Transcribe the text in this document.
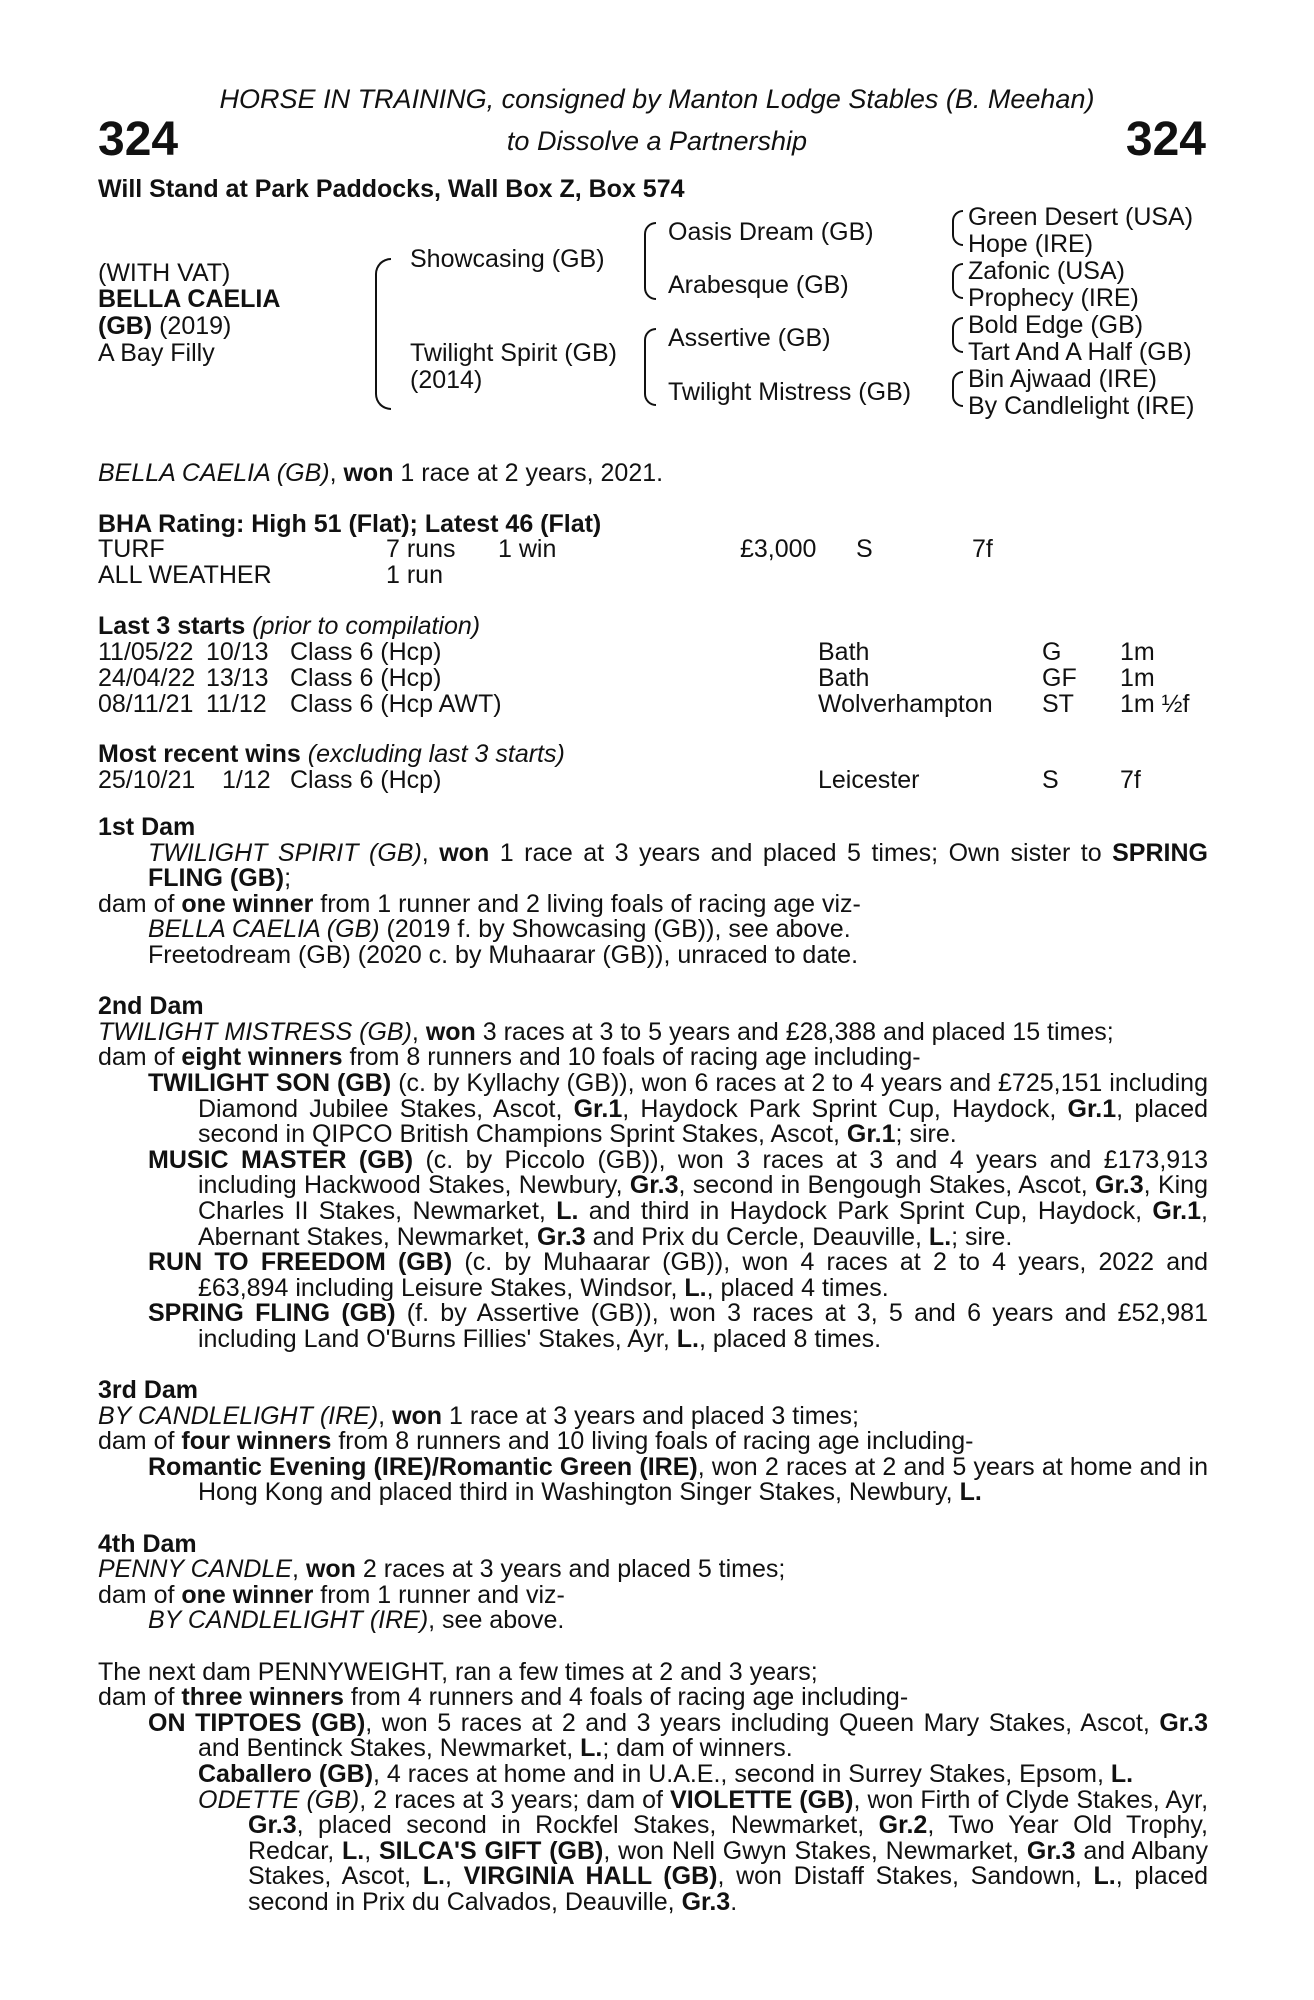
HORSE IN TRAINING, consigned by Manton Lodge Stables (B. Meehan)
to Dissolve a Partnership
324	324
Will Stand at Park Paddocks, Wall Box Z, Box 574
(WITH VAT)
BELLA CAELIA
(GB) (2019)
A Bay Filly
Showcasing (GB)
Twilight Spirit (GB)
(2014)
Oasis Dream (GB)
Arabesque (GB)
Assertive (GB)
Twilight Mistress (GB)
Green Desert (USA)
Hope (IRE)
Zafonic (USA)
Prophecy (IRE)
Bold Edge (GB)
Tart And A Half (GB)
Bin Ajwaad (IRE)
By Candlelight (IRE)
BELLA CAELIA (GB), won 1 race at 2 years, 2021.
BHA Rating: High 51 (Flat); Latest 46 (Flat)
TURF	7 runs 1 win	£3,000 S	7f
ALL WEATHER	1 run
Last 3 starts (prior to compilation)
11/05/22 10/13 Class 6 (Hcp)	Bath	G 1m
24/04/22 13/13 Class 6 (Hcp)	Bath	GF 1m
08/11/21 11/12 Class 6 (Hcp AWT)	Wolverhampton ST 1m ½f
Most recent wins (excluding last 3 starts)
25/10/21 1/12 Class 6 (Hcp)	Leicester	S 7f

1st Dam

TWILIGHT SPIRIT (GB), won 1 race at 3 years and placed 5 times; Own sister to SPRING FLING (GB);

dam of one winner from 1 runner and 2 living foals of racing age viz-

BELLA CAELIA (GB) (2019 f. by Showcasing (GB)), see above.

Freetodream (GB) (2020 c. by Muhaarar (GB)), unraced to date.

2nd Dam

TWILIGHT MISTRESS (GB), won 3 races at 3 to 5 years and £28,388 and placed 15 times;

dam of eight winners from 8 runners and 10 foals of racing age including-

TWILIGHT SON (GB) (c. by Kyllachy (GB)), won 6 races at 2 to 4 years and £725,151 including Diamond Jubilee Stakes, Ascot, Gr.1, Haydock Park Sprint Cup, Haydock, Gr.1, placed second in QIPCO British Champions Sprint Stakes, Ascot, Gr.1; sire.

MUSIC MASTER (GB) (c. by Piccolo (GB)), won 3 races at 3 and 4 years and £173,913 including Hackwood Stakes, Newbury, Gr.3, second in Bengough Stakes, Ascot, Gr.3, King Charles II Stakes, Newmarket, L. and third in Haydock Park Sprint Cup, Haydock, Gr.1, Abernant Stakes, Newmarket, Gr.3 and Prix du Cercle, Deauville, L.; sire.

RUN TO FREEDOM (GB) (c. by Muhaarar (GB)), won 4 races at 2 to 4 years, 2022 and £63,894 including Leisure Stakes, Windsor, L., placed 4 times.

SPRING FLING (GB) (f. by Assertive (GB)), won 3 races at 3, 5 and 6 years and £52,981 including Land O'Burns Fillies' Stakes, Ayr, L., placed 8 times.

3rd Dam

BY CANDLELIGHT (IRE), won 1 race at 3 years and placed 3 times;

dam of four winners from 8 runners and 10 living foals of racing age including-

Romantic Evening (IRE)/Romantic Green (IRE), won 2 races at 2 and 5 years at home and in Hong Kong and placed third in Washington Singer Stakes, Newbury, L.

4th Dam

PENNY CANDLE, won 2 races at 3 years and placed 5 times;

dam of one winner from 1 runner and viz-

BY CANDLELIGHT (IRE), see above.

The next dam PENNYWEIGHT, ran a few times at 2 and 3 years;

dam of three winners from 4 runners and 4 foals of racing age including-

ON TIPTOES (GB), won 5 races at 2 and 3 years including Queen Mary Stakes, Ascot, Gr.3 and Bentinck Stakes, Newmarket, L.; dam of winners.

Caballero (GB), 4 races at home and in U.A.E., second in Surrey Stakes, Epsom, L.

ODETTE (GB), 2 races at 3 years; dam of VIOLETTE (GB), won Firth of Clyde Stakes, Ayr, Gr.3, placed second in Rockfel Stakes, Newmarket, Gr.2, Two Year Old Trophy, Redcar, L., SILCA'S GIFT (GB), won Nell Gwyn Stakes, Newmarket, Gr.3 and Albany Stakes, Ascot, L., VIRGINIA HALL (GB), won Distaff Stakes, Sandown, L., placed second in Prix du Calvados, Deauville, Gr.3.
